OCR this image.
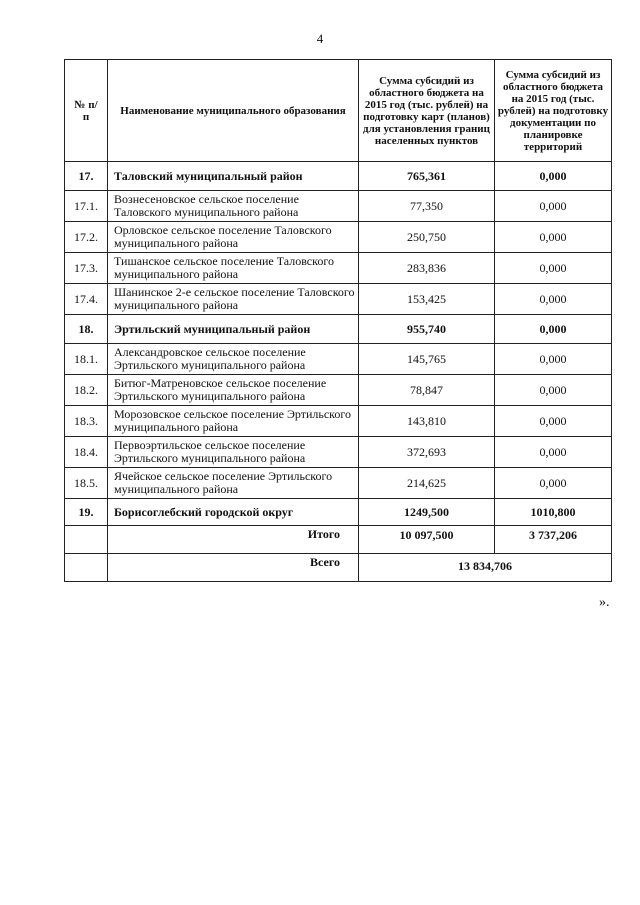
4
№ п/п	Наименование муниципального образования	Сумма субсидий из областного бюджета на 2015 год (тыс. рублей) на подготовку карт (планов) для установления границ населенных пунктов	Сумма субсидий из областного бюджета на 2015 год (тыс. рублей) на подготовку документации по планировке территорий
17.	Таловский муниципальный район	765,361	0,000
17.1.	Вознесеновское сельское поселение Таловского муниципального района	77,350	0,000
17.2.	Орловское сельское поселение Таловского муниципального района	250,750	0,000
17.3.	Тишанское сельское поселение Таловского муниципального района	283,836	0,000
17.4.	Шанинское 2-е сельское поселение Таловского муниципального района	153,425	0,000
18.	Эртильский муниципальный район	955,740	0,000
18.1.	Александровское сельское поселение Эртильского муниципального района	145,765	0,000
18.2.	Битюг-Матреновское сельское поселение Эртильского муниципального района	78,847	0,000
18.3.	Морозовское сельское поселение Эртильского муниципального района	143,810	0,000
18.4.	Первоэртильское сельское поселение Эртильского муниципального района	372,693	0,000
18.5.	Ячейское сельское поселение Эртильского муниципального района	214,625	0,000
19.	Борисоглебский городской округ	1249,500	1010,800
	Итого	10 097,500	3 737,206
	Всего	13 834,706	
».
